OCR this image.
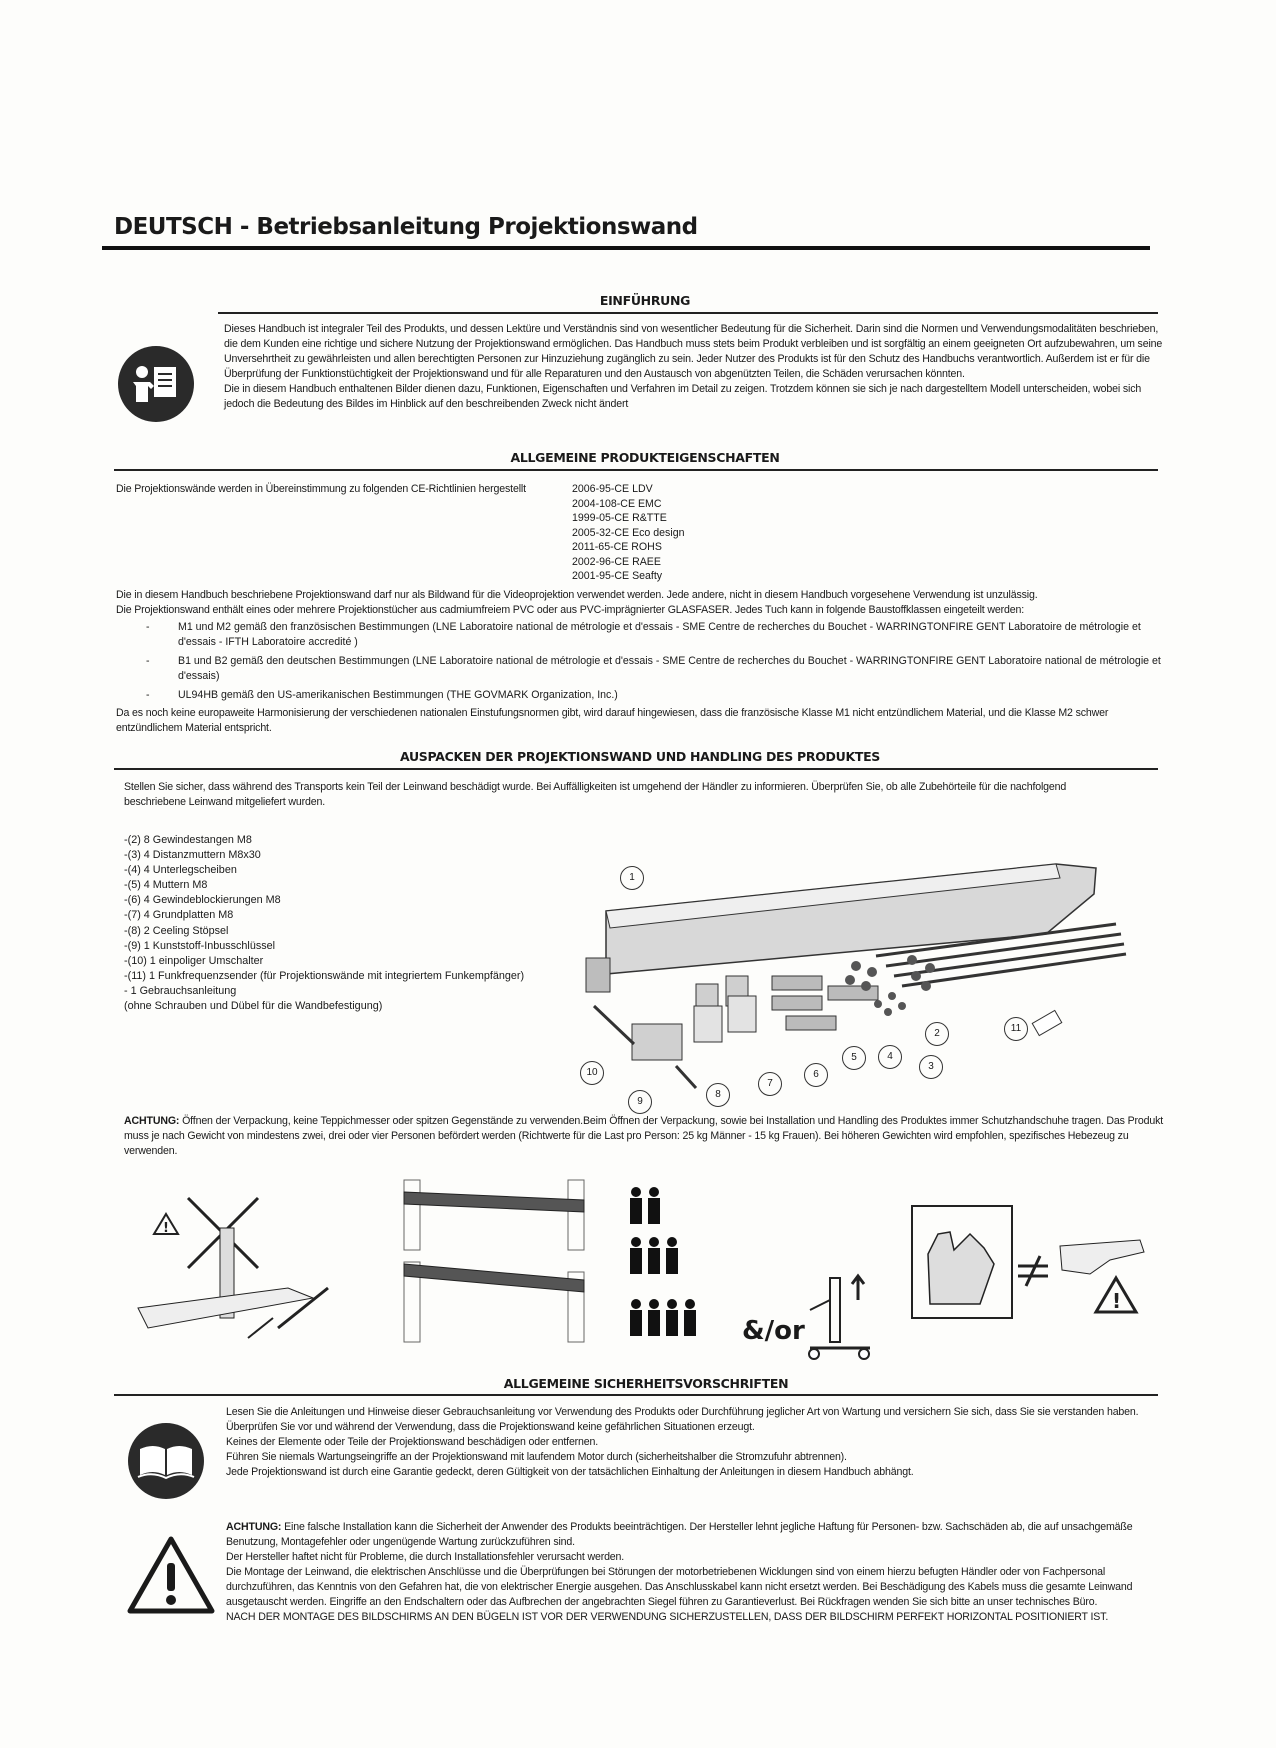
DEUTSCH - Betriebsanleitung Projektionswand
EINFÜHRUNG

Dieses Handbuch ist integraler Teil des Produkts, und dessen Lektüre und Verständnis sind von wesentlicher Bedeutung für die Sicherheit. Darin sind die Normen und Verwendungsmodalitäten beschrieben, die dem Kunden eine richtige und sichere Nutzung der Projektionswand ermöglichen. Das Handbuch muss stets beim Produkt verbleiben und ist sorgfältig an einem geeigneten Ort aufzubewahren, um seine Unversehrtheit zu gewährleisten und allen berechtigten Personen zur Hinzuziehung zugänglich zu sein. Jeder Nutzer des Produkts ist für den Schutz des Handbuchs verantwortlich. Außerdem ist er für die Überprüfung der Funktionstüchtigkeit der Projektionswand und für alle Reparaturen und den Austausch von abgenützten Teilen, die Schäden verursachen könnten.

Die in diesem Handbuch enthaltenen Bilder dienen dazu, Funktionen, Eigenschaften und Verfahren im Detail zu zeigen. Trotzdem können sie sich je nach dargestelltem Modell unterscheiden, wobei sich jedoch die Bedeutung des Bildes im Hinblick auf den beschreibenden Zweck nicht ändert

ALLGEMEINE PRODUKTEIGENSCHAFTEN
Die Projektionswände werden in Übereinstimmung zu folgenden CE-Richtlinien hergestellt	2006-95-CE LDV
2004-108-CE EMC
1999-05-CE R&TTE
2005-32-CE Eco design
2011-65-CE ROHS
2002-96-CE RAEE
2001-95-CE Seafty

Die in diesem Handbuch beschriebene Projektionswand darf nur als Bildwand für die Videoprojektion verwendet werden. Jede andere, nicht in diesem Handbuch vorgesehene Verwendung ist unzulässig.

Die Projektionswand enthält eines oder mehrere Projektionstücher aus cadmiumfreiem PVC oder aus PVC-imprägnierter GLASFASER. Jedes Tuch kann in folgende Baustoffklassen eingeteilt werden:

-	M1 und M2 gemäß den französischen Bestimmungen (LNE Laboratoire national de métrologie et d'essais - SME Centre de recherches du Bouchet - WARRINGTONFIRE GENT Laboratoire de métrologie et d'essais - IFTH Laboratoire accredité )
-	B1 und B2 gemäß den deutschen Bestimmungen (LNE Laboratoire national de métrologie et d'essais - SME Centre de recherches du Bouchet - WARRINGTONFIRE GENT Laboratoire national de métrologie et d'essais)
-	UL94HB gemäß den US-amerikanischen Bestimmungen (THE GOVMARK Organization, Inc.)
Da es noch keine europaweite Harmonisierung der verschiedenen nationalen Einstufungsnormen gibt, wird darauf hingewiesen, dass die französische Klasse M1 nicht entzündlichem Material, und die Klasse M2 schwer entzündlichem Material entspricht.
AUSPACKEN DER PROJEKTIONSWAND UND HANDLING DES PRODUKTES
Stellen Sie sicher, dass während des Transports kein Teil der Leinwand beschädigt wurde. Bei Auffälligkeiten ist umgehend der Händler zu informieren. Überprüfen Sie, ob alle Zubehörteile für die nachfolgend beschriebene Leinwand mitgeliefert wurden.
-(2) 8 Gewindestangen M8
-(3) 4 Distanzmuttern M8x30
-(4) 4 Unterlegscheiben
-(5) 4 Muttern M8
-(6) 4 Gewindeblockierungen M8
-(7) 4 Grundplatten M8
-(8) 2 Ceeling Stöpsel
-(9) 1 Kunststoff-Inbusschlüssel
-(10) 1 einpoliger Umschalter
-(11) 1 Funkfrequenzsender (für Projektionswände mit integriertem Funkempfänger)
- 1 Gebrauchsanleitung
(ohne Schrauben und Dübel für die Wandbefestigung)
1
2
3
4
5
6
7
8
9
10
11
ACHTUNG: Öffnen der Verpackung, keine Teppichmesser oder spitzen Gegenstände zu verwenden.Beim Öffnen der Verpackung, sowie bei Installation und Handling des Produktes immer Schutzhandschuhe tragen. Das Produkt muss je nach Gewicht von mindestens zwei, drei oder vier Personen befördert werden (Richtwerte für die Last pro Person: 25 kg Männer - 15 kg Frauen). Bei höheren Gewichten wird empfohlen, spezifisches Hebezeug zu verwenden.
!
&/or
!
ALLGEMEINE SICHERHEITSVORSCHRIFTEN

Lesen Sie die Anleitungen und Hinweise dieser Gebrauchsanleitung vor Verwendung des Produkts oder Durchführung jeglicher Art von Wartung und versichern Sie sich, dass Sie sie verstanden haben.

Überprüfen Sie vor und während der Verwendung, dass die Projektionswand keine gefährlichen Situationen erzeugt.

Keines der Elemente oder Teile der Projektionswand beschädigen oder entfernen.

Führen Sie niemals Wartungseingriffe an der Projektionswand mit laufendem Motor durch (sicherheitshalber die Stromzufuhr abtrennen).

Jede Projektionswand ist durch eine Garantie gedeckt, deren Gültigkeit von der tatsächlichen Einhaltung der Anleitungen in diesem Handbuch abhängt.

ACHTUNG: Eine falsche Installation kann die Sicherheit der Anwender des Produkts beeinträchtigen. Der Hersteller lehnt jegliche Haftung für Personen- bzw. Sachschäden ab, die auf unsachgemäße Benutzung, Montagefehler oder ungenügende Wartung zurückzuführen sind.

Der Hersteller haftet nicht für Probleme, die durch Installationsfehler verursacht werden.

Die Montage der Leinwand, die elektrischen Anschlüsse und die Überprüfungen bei Störungen der motorbetriebenen Wicklungen sind von einem hierzu befugten Händler oder von Fachpersonal durchzuführen, das Kenntnis von den Gefahren hat, die von elektrischer Energie ausgehen. Das Anschlusskabel kann nicht ersetzt werden. Bei Beschädigung des Kabels muss die gesamte Leinwand ausgetauscht werden. Eingriffe an den Endschaltern oder das Aufbrechen der angebrachten Siegel führen zu Garantieverlust. Bei Rückfragen wenden Sie sich bitte an unser technisches Büro.

NACH DER MONTAGE DES BILDSCHIRMS AN DEN BÜGELN IST VOR DER VERWENDUNG SICHERZUSTELLEN, DASS DER BILDSCHIRM PERFEKT HORIZONTAL POSITIONIERT IST.
